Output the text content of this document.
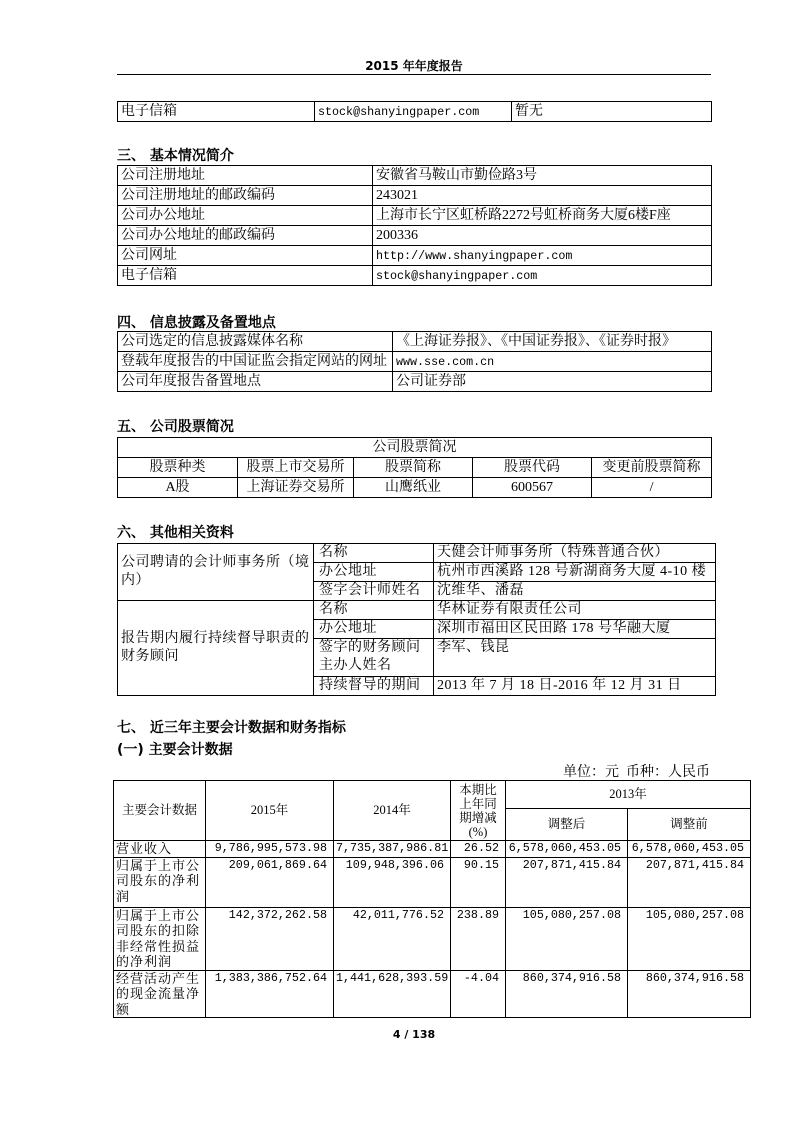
2015 年年度报告
电子信箱	stock@shanyingpaper.com	暂无
三、 基本情况简介
公司注册地址	安徽省马鞍山市勤俭路3号
公司注册地址的邮政编码	243021
公司办公地址	上海市长宁区虹桥路2272号虹桥商务大厦6楼F座
公司办公地址的邮政编码	200336
公司网址	http://www.shanyingpaper.com
电子信箱	stock@shanyingpaper.com
四、 信息披露及备置地点
公司选定的信息披露媒体名称	《上海证券报》、《中国证券报》、《证券时报》
登载年度报告的中国证监会指定网站的网址	www.sse.com.cn
公司年度报告备置地点	公司证券部
五、 公司股票简况
公司股票简况				
股票种类	股票上市交易所	股票简称	股票代码	变更前股票简称
A股	上海证券交易所	山鹰纸业	600567	/
六、 其他相关资料
公司聘请的会计师事务所（境内）	名称	天健会计师事务所（特殊普通合伙）
	办公地址	杭州市西溪路 128 号新湖商务大厦 4-10 楼
	签字会计师姓名	沈维华、潘磊
报告期内履行持续督导职责的财务顾问	名称	华林证券有限责任公司
	办公地址	深圳市福田区民田路 178 号华融大厦
	签字的财务顾问主办人姓名	李军、钱昆
	持续督导的期间	2013 年 7 月 18 日-2016 年 12 月 31 日
七、 近三年主要会计数据和财务指标
(一) 主要会计数据
单位：元  币种：人民币
主要会计数据	2015年	2014年	本期比上年同期增减(%)	2013年	
				调整后	调整前
营业收入	9,786,995,573.98	7,735,387,986.81	26.52	6,578,060,453.05	6,578,060,453.05
归属于上市公司股东的净利润	209,061,869.64	109,948,396.06	90.15	207,871,415.84	207,871,415.84
归属于上市公司股东的扣除非经常性损益的净利润	142,372,262.58	42,011,776.52	238.89	105,080,257.08	105,080,257.08
经营活动产生的现金流量净额	1,383,386,752.64	1,441,628,393.59	-4.04	860,374,916.58	860,374,916.58
4 / 138
